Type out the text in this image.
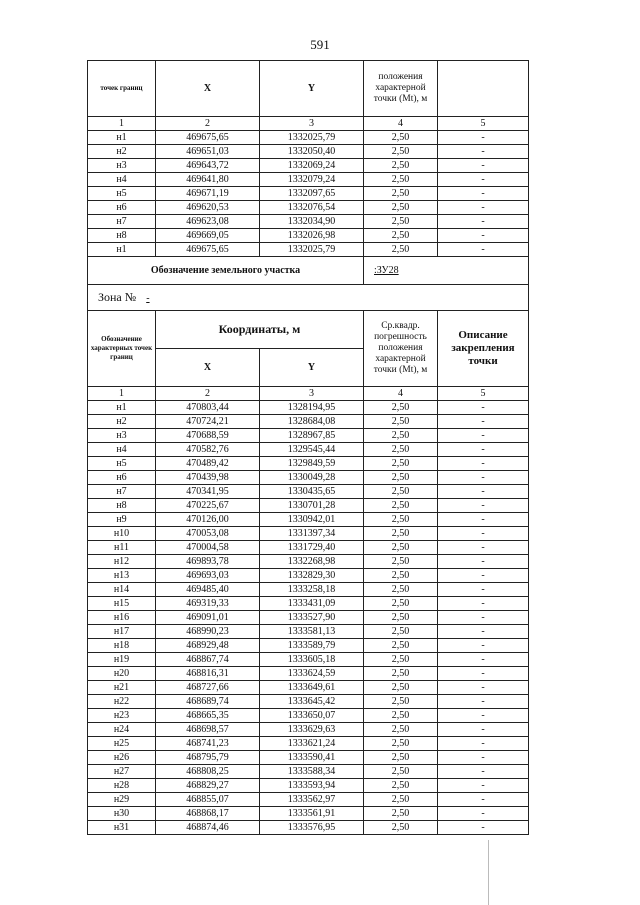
591
точек границ	X	Y	положения характерной точки (Mt), м	
1	2	3	4	5
н1	469675,65	1332025,79	2,50	-
н2	469651,03	1332050,40	2,50	-
н3	469643,72	1332069,24	2,50	-
н4	469641,80	1332079,24	2,50	-
н5	469671,19	1332097,65	2,50	-
н6	469620,53	1332076,54	2,50	-
н7	469623,08	1332034,90	2,50	-
н8	469669,05	1332026,98	2,50	-
н1	469675,65	1332025,79	2,50	-
Обозначение земельного участка			:ЗУ28	
Зона № -				
Обозначение характерных точек границ	Координаты, м		Ср.квадр. погрешность положения характерной точки (Mt), м	Описание закрепления точки
	X	Y		
1	2	3	4	5
н1	470803,44	1328194,95	2,50	-
н2	470724,21	1328684,08	2,50	-
н3	470688,59	1328967,85	2,50	-
н4	470582,76	1329545,44	2,50	-
н5	470489,42	1329849,59	2,50	-
н6	470439,98	1330049,28	2,50	-
н7	470341,95	1330435,65	2,50	-
н8	470225,67	1330701,28	2,50	-
н9	470126,00	1330942,01	2,50	-
н10	470053,08	1331397,34	2,50	-
н11	470004,58	1331729,40	2,50	-
н12	469893,78	1332268,98	2,50	-
н13	469693,03	1332829,30	2,50	-
н14	469485,40	1333258,18	2,50	-
н15	469319,33	1333431,09	2,50	-
н16	469091,01	1333527,90	2,50	-
н17	468990,23	1333581,13	2,50	-
н18	468929,48	1333589,79	2,50	-
н19	468867,74	1333605,18	2,50	-
н20	468816,31	1333624,59	2,50	-
н21	468727,66	1333649,61	2,50	-
н22	468689,74	1333645,42	2,50	-
н23	468665,35	1333650,07	2,50	-
н24	468698,57	1333629,63	2,50	-
н25	468741,23	1333621,24	2,50	-
н26	468795,79	1333590,41	2,50	-
н27	468808,25	1333588,34	2,50	-
н28	468829,27	1333593,94	2,50	-
н29	468855,07	1333562,97	2,50	-
н30	468868,17	1333561,91	2,50	-
н31	468874,46	1333576,95	2,50	-
